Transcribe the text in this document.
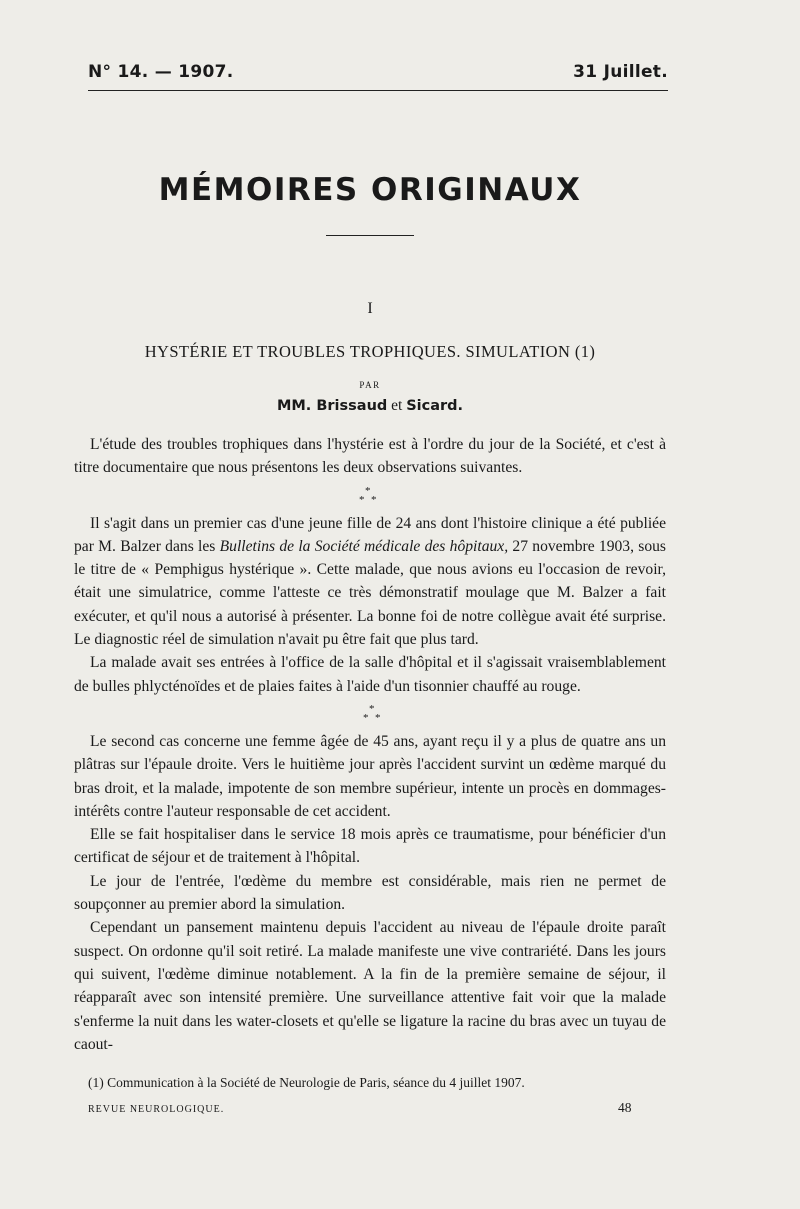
N° 14. — 1907.	31 Juillet.
MÉMOIRES ORIGINAUX
I
HYSTÉRIE ET TROUBLES TROPHIQUES. SIMULATION (1)
PAR
MM. Brissaud et Sicard.

L'étude des troubles trophiques dans l'hystérie est à l'ordre du jour de la Société, et c'est à titre documentaire que nous présentons les deux observations suivantes.

*
* *

Il s'agit dans un premier cas d'une jeune fille de 24 ans dont l'histoire clinique a été publiée par M. Balzer dans les Bulletins de la Société médicale des hôpitaux, 27 novembre 1903, sous le titre de « Pemphigus hystérique ». Cette malade, que nous avions eu l'occasion de revoir, était une simulatrice, comme l'atteste ce très démonstratif moulage que M. Balzer a fait exécuter, et qu'il nous a autorisé à présenter. La bonne foi de notre collègue avait été surprise. Le diagnostic réel de simulation n'avait pu être fait que plus tard.

La malade avait ses entrées à l'office de la salle d'hôpital et il s'agissait vraisemblablement de bulles phlycténoïdes et de plaies faites à l'aide d'un tisonnier chauffé au rouge.

*
* *

Le second cas concerne une femme âgée de 45 ans, ayant reçu il y a plus de quatre ans un plâtras sur l'épaule droite. Vers le huitième jour après l'accident survint un œdème marqué du bras droit, et la malade, impotente de son membre supérieur, intente un procès en dommages-intérêts contre l'auteur responsable de cet accident.

Elle se fait hospitaliser dans le service 18 mois après ce traumatisme, pour bénéficier d'un certificat de séjour et de traitement à l'hôpital.

Le jour de l'entrée, l'œdème du membre est considérable, mais rien ne permet de soupçonner au premier abord la simulation.

Cependant un pansement maintenu depuis l'accident au niveau de l'épaule droite paraît suspect. On ordonne qu'il soit retiré. La malade manifeste une vive contrariété. Dans les jours qui suivent, l'œdème diminue notablement. A la fin de la première semaine de séjour, il réapparaît avec son intensité première. Une surveillance attentive fait voir que la malade s'enferme la nuit dans les water-closets et qu'elle se ligature la racine du bras avec un tuyau de caout-

(1) Communication à la Société de Neurologie de Paris, séance du 4 juillet 1907.
REVUE NEUROLOGIQUE.	48
